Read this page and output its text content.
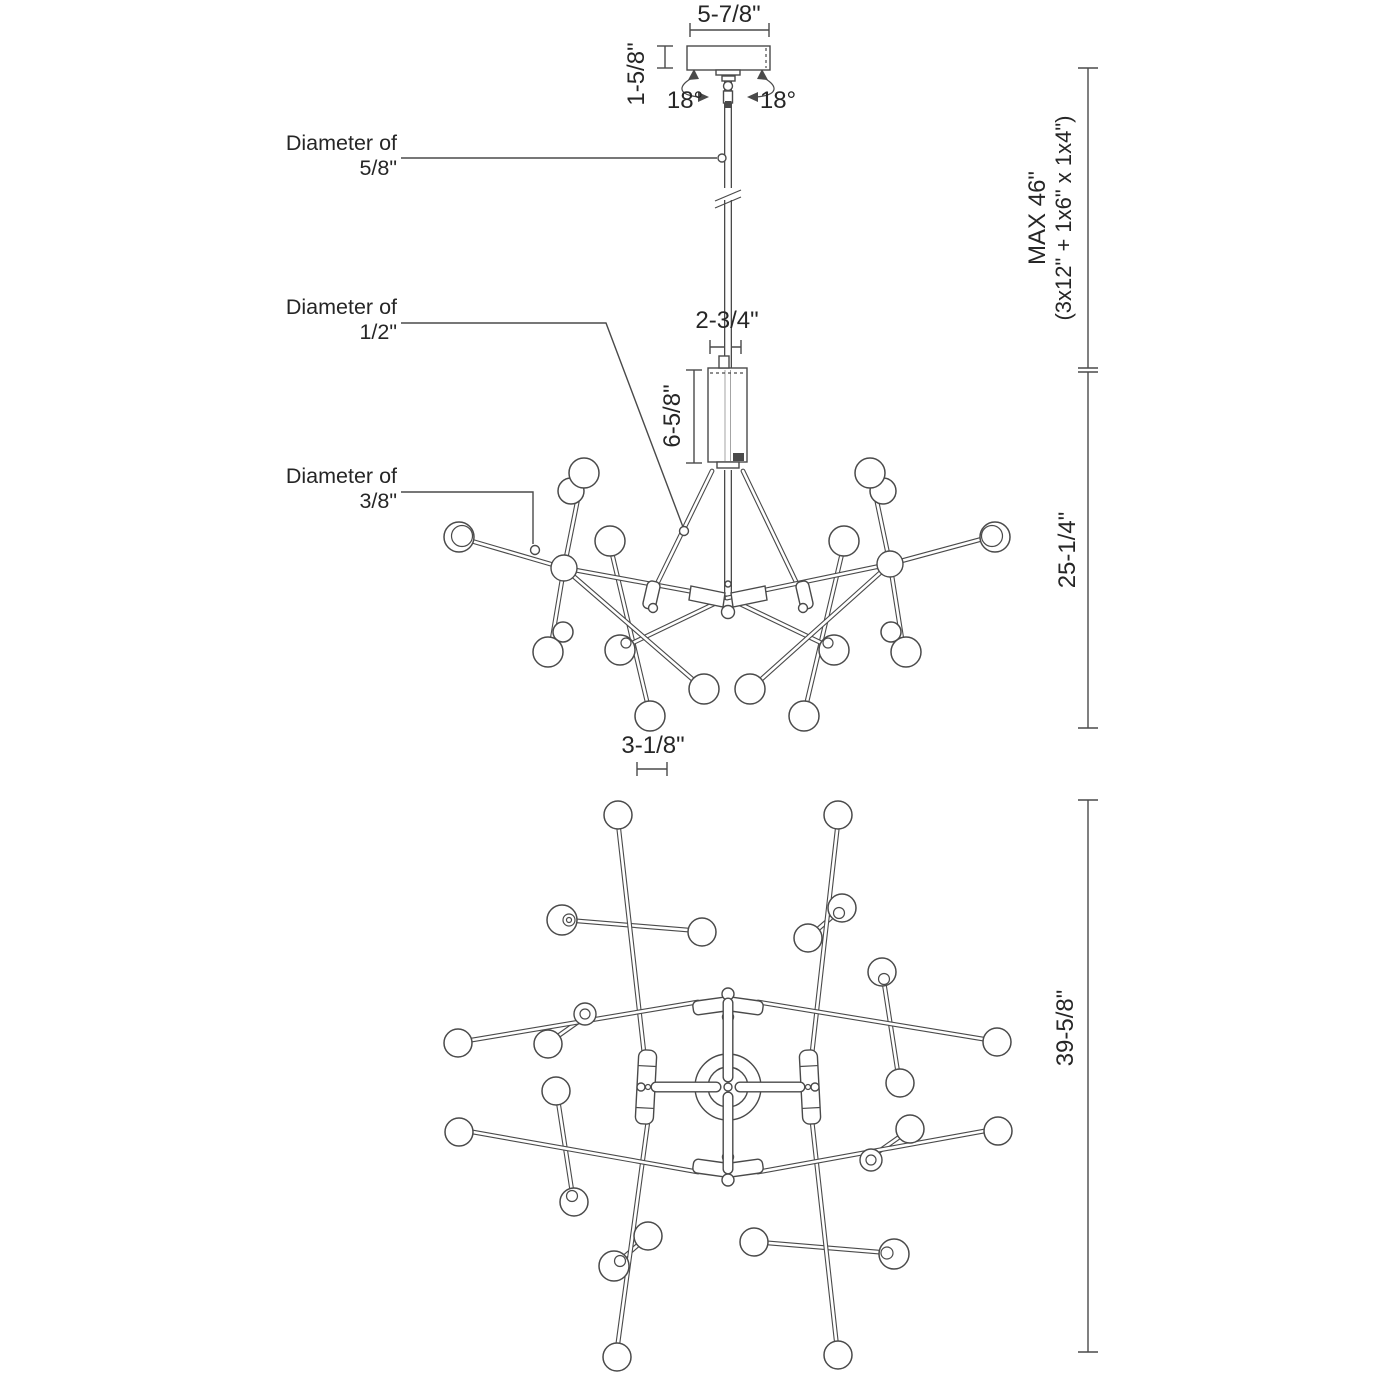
5-7/8"
1-5/8" 18°	18°
Diameter of
5/8"
Diameter of
1/2"
Diameter of
3/8"
2-3/4"
6-5/8"
3-1/8"
MAX 46" (3x12" + 1x6" x 1x4")
25-1/4"
39-5/8"
